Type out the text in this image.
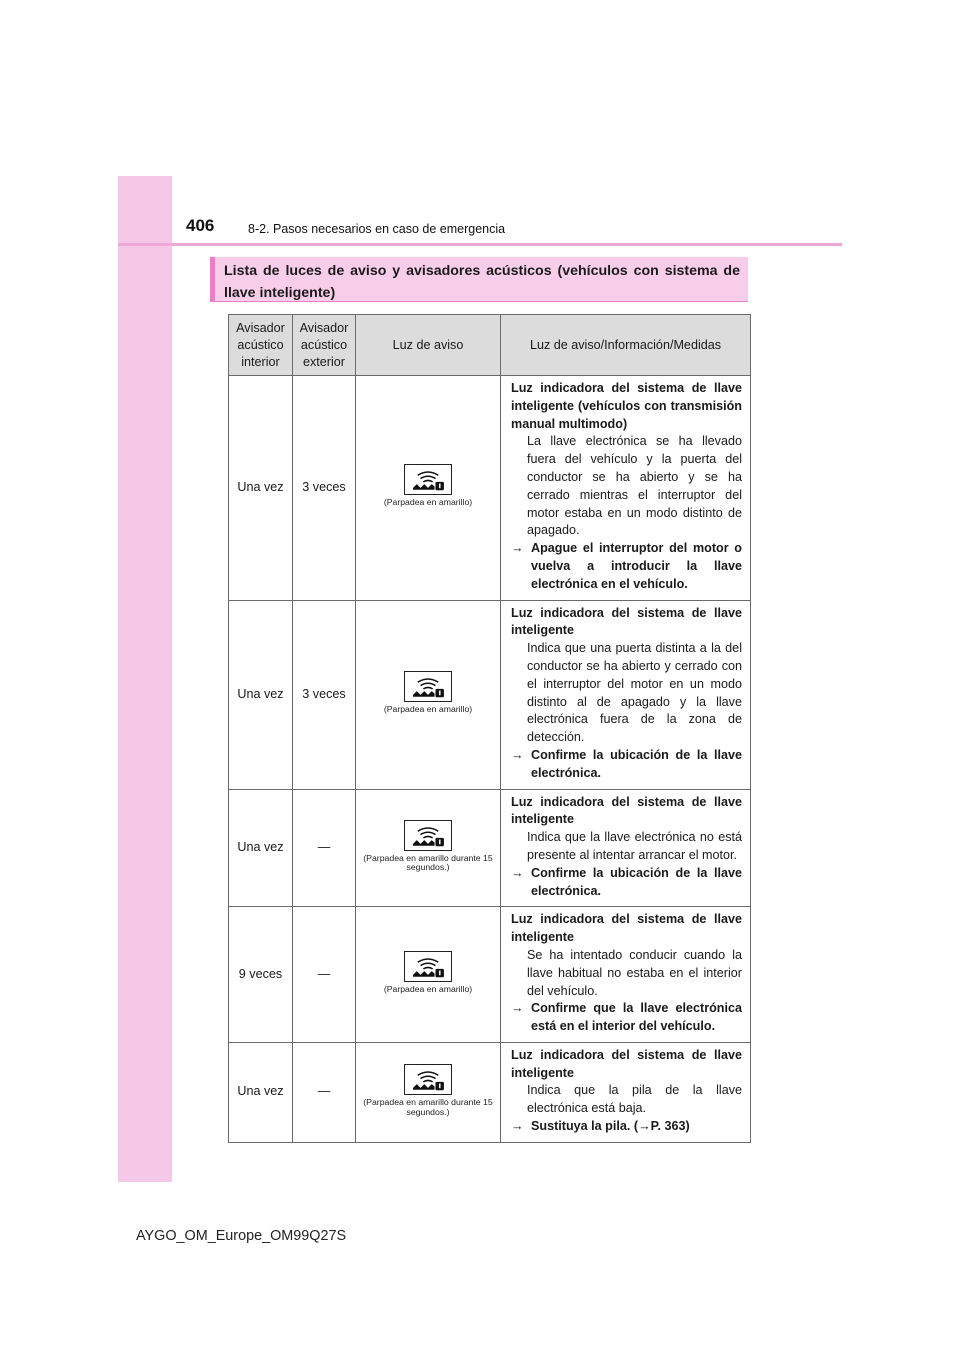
406	8-2. Pasos necesarios en caso de emergencia
Lista de luces de aviso y avisadores acústicos (vehículos con sistema de llave inteligente)
Avisador acústico interior	Avisador acústico exterior	Luz de aviso	Luz de aviso/Información/Medidas
Una vez	3 veces	(Parpadea en amarillo)	Luz indicadora del sistema de llave inteligente (vehículos con transmisión manual multimodo)
La llave electrónica se ha llevado fuera del vehículo y la puerta del conductor se ha abierto y se ha cerrado mientras el interruptor del motor estaba en un modo distinto de apagado.
→ Apague el interruptor del motor o vuelva a introducir la llave electrónica en el vehículo.

Una vez	3 veces	(Parpadea en amarillo)	Luz indicadora del sistema de llave inteligente
Indica que una puerta distinta a la del conductor se ha abierto y cerrado con el interruptor del motor en un modo distinto al de apagado y la llave electrónica fuera de la zona de detección.
→ Confirme la ubicación de la llave electrónica.

Una vez	—	(Parpadea en amarillo durante 15 segundos.)	Luz indicadora del sistema de llave inteligente
Indica que la llave electrónica no está presente al intentar arrancar el motor.
→ Confirme la ubicación de la llave electrónica.

9 veces	—	(Parpadea en amarillo)	Luz indicadora del sistema de llave inteligente
Se ha intentado conducir cuando la llave habitual no estaba en el interior del vehículo.
→ Confirme que la llave electrónica está en el interior del vehículo.

Una vez	—	(Parpadea en amarillo durante 15 segundos.)	Luz indicadora del sistema de llave inteligente
Indica que la pila de la llave electrónica está baja.
→ Sustituya la pila. (→P. 363)
AYGO_OM_Europe_OM99Q27S
